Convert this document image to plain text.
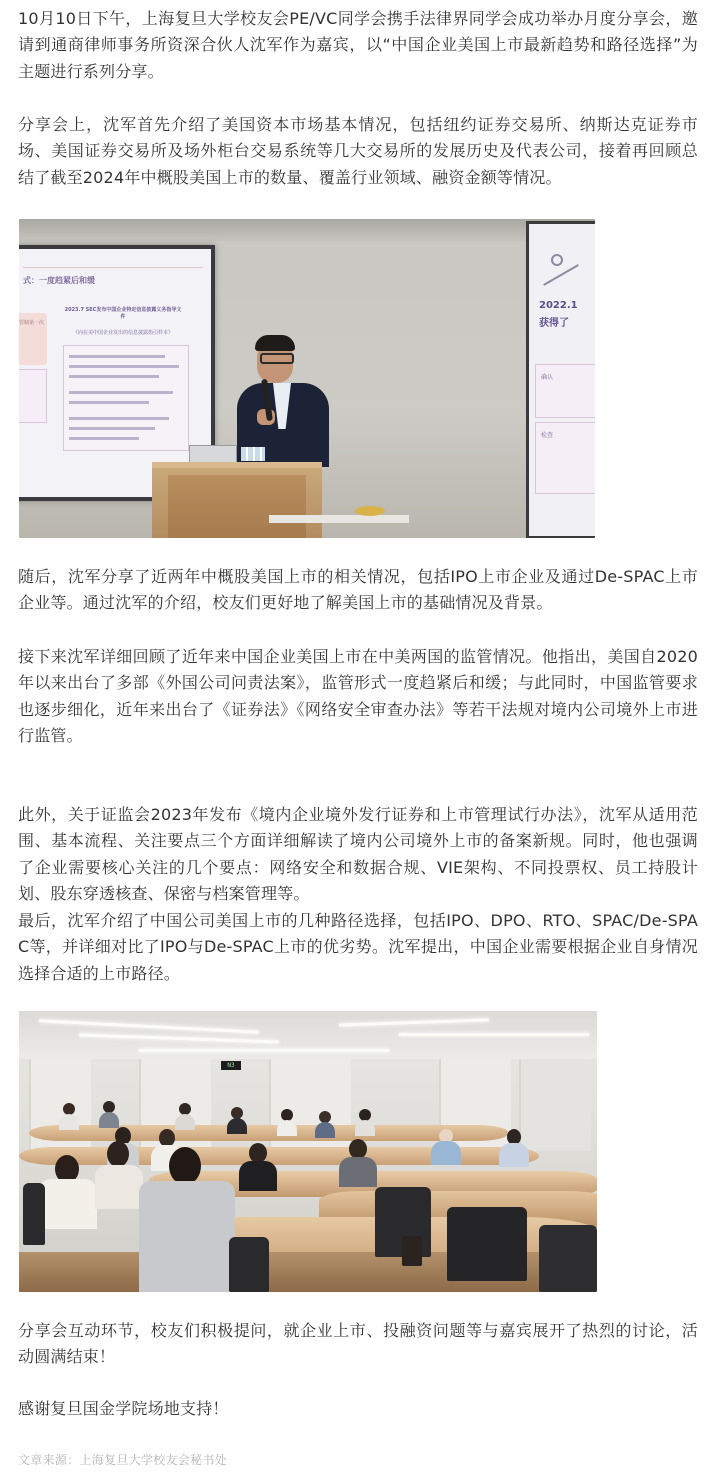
10月10日下午，上海复旦大学校友会PE/VC同学会携手法律界同学会成功举办月度分享会，邀请到通商律师事务所资深合伙人沈军作为嘉宾，以“中国企业美国上市最新趋势和路径选择”为主题进行系列分享。

分享会上，沈军首先介绍了美国资本市场基本情况，包括纽约证券交易所、纳斯达克证券市场、美国证券交易所及场外柜台交易系统等几大交易所的发展历史及代表公司，接着再回顾总结了截至2024年中概股美国上市的数量、覆盖行业领域、融资金额等情况。

式：一度趋紧后和缓
管制第一次
2023.7 SEC发布中国企业特定信息披露义务指导文件
《向在美中国企业发出的信息披露指引样本》
2022.1
获得了
确认
检查

随后，沈军分享了近两年中概股美国上市的相关情况，包括IPO上市企业及通过De-SPAC上市企业等。通过沈军的介绍，校友们更好地了解美国上市的基础情况及背景。

接下来沈军详细回顾了近年来中国企业美国上市在中美两国的监管情况。他指出，美国自2020年以来出台了多部《外国公司问责法案》，监管形式一度趋紧后和缓；与此同时，中国监管要求也逐步细化，近年来出台了《证券法》《网络安全审查办法》等若干法规对境内公司境外上市进行监管。

此外，关于证监会2023年发布《境内企业境外发行证券和上市管理试行办法》，沈军从适用范围、基本流程、关注要点三个方面详细解读了境内公司境外上市的备案新规。同时，他也强调了企业需要核心关注的几个要点：网络安全和数据合规、VIE架构、不同投票权、员工持股计划、股东穿透核查、保密与档案管理等。

最后，沈军介绍了中国公司美国上市的几种路径选择，包括IPO、DPO、RTO、SPAC/De-SPAC等，并详细对比了IPO与De-SPAC上市的优劣势。沈军提出，中国企业需要根据企业自身情况选择合适的上市路径。

N3

分享会互动环节，校友们积极提问，就企业上市、投融资问题等与嘉宾展开了热烈的讨论，活动圆满结束！

感谢复旦国金学院场地支持！

文章来源：上海复旦大学校友会秘书处
